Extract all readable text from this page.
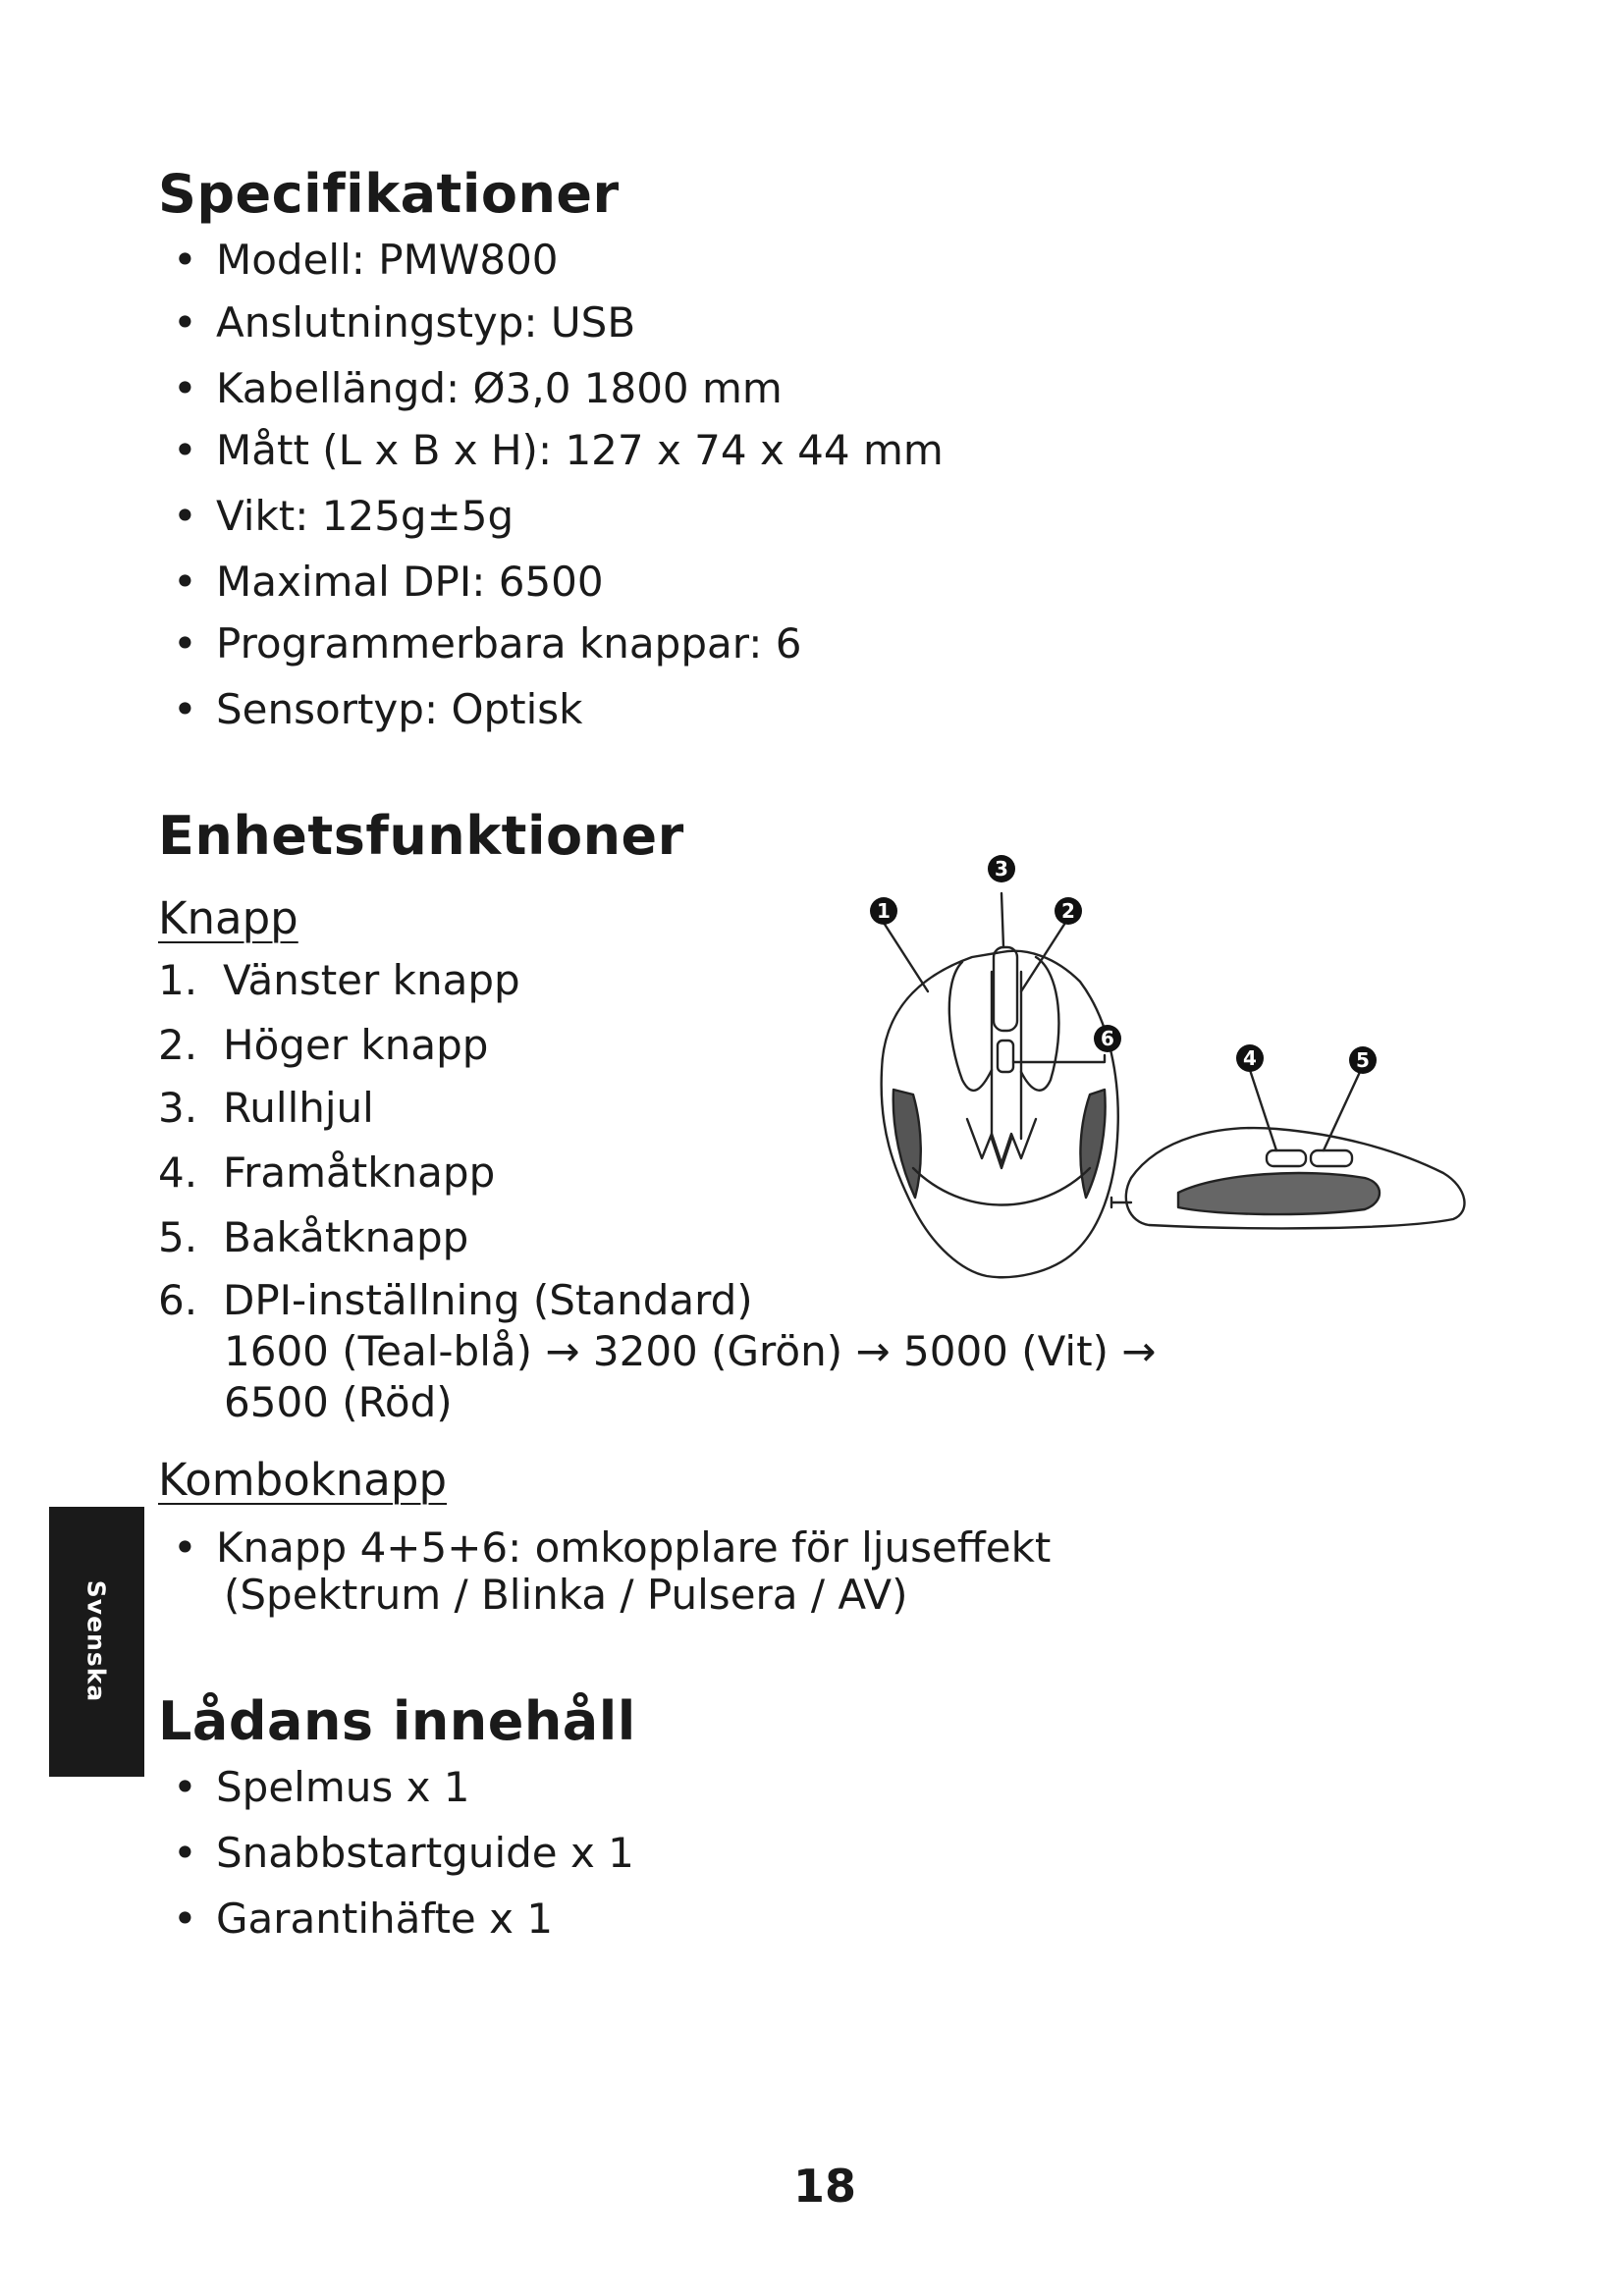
Specifikationer
• Modell: PMW800
• Anslutningstyp: USB
• Kabellängd: Ø3,0 1800 mm
• Mått (L x B x H): 127 x 74 x 44 mm
• Vikt: 125g±5g
• Maximal DPI: 6500
• Programmerbara knappar: 6
• Sensortyp: Optisk
Enhetsfunktioner
Knapp
1. Vänster knapp
2. Höger knapp
3. Rullhjul
4. Framåtknapp
5. Bakåtknapp
6. DPI-inställning (Standard)
1600 (Teal-blå) → 3200 (Grön) → 5000 (Vit) →
6500 (Röd)
Komboknapp
• Knapp 4+5+6: omkopplare för ljuseffekt
(Spektrum / Blinka / Pulsera / AV)
Lådans innehåll
• Spelmus x 1
• Snabbstartguide x 1
• Garantihäfte x 1
Svenska
1	2
3
4	5
6
18
